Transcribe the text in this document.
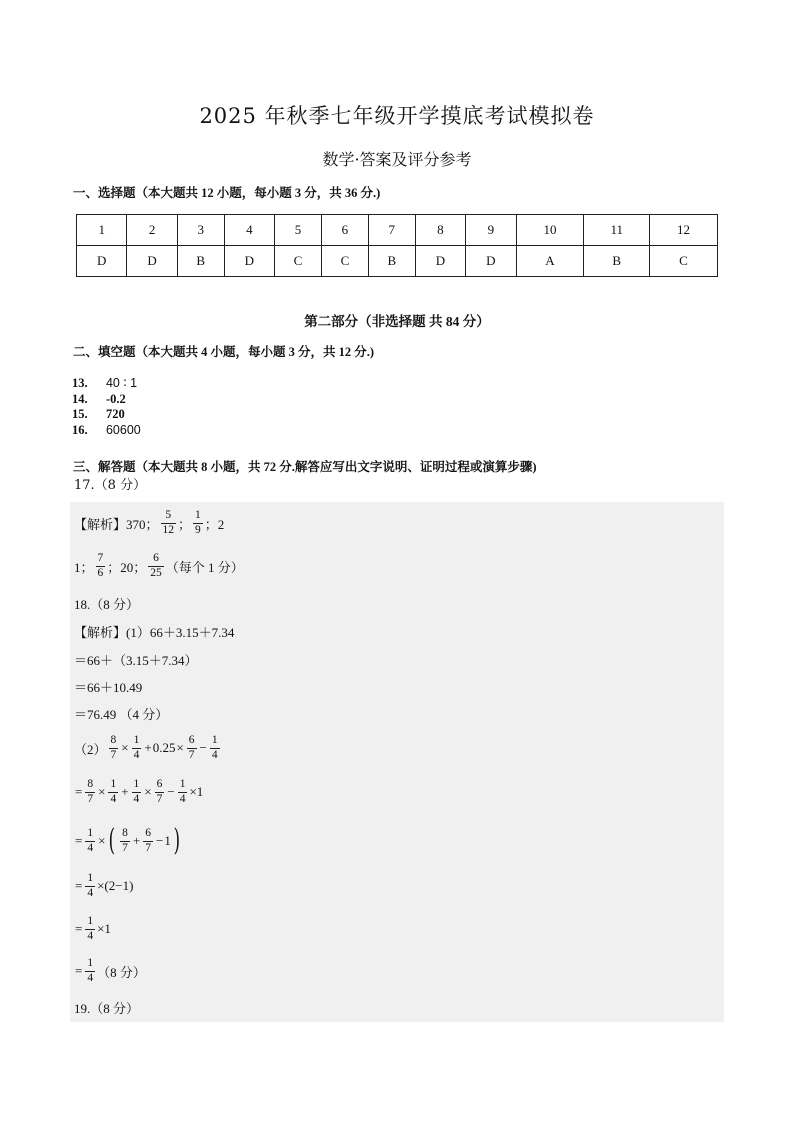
2025 年秋季七年级开学摸底考试模拟卷
数学·答案及评分参考
一、选择题（本大题共 12 小题，每小题 3 分，共 36 分.)
1	2	3	4	5	6	7	8	9	10	11	12
D	D	B	D	C	C	B	D	D	A	B	C
第二部分（非选择题 共 84 分）
二、填空题（本大题共 4 小题，每小题 3 分，共 12 分.)
13. 40 ∶ 1
14. -0.2
15. 720
16. 60600
三、解答题（本大题共 8 小题，共 72 分.解答应写出文字说明、证明过程或演算步骤)
17.（8 分）
【解析】370； $\frac{5}{12}$ ； $\frac{1}{9}$ ；2
1； $\frac{7}{6}$ ；20； $\frac{6}{25}$ （每个 1 分）
18.（8 分）
【解析】(1）66＋3.15＋7.34
＝66＋（3.15＋7.34）
＝66＋10.49
＝76.49 （4 分）
$(2) \frac{8}{7} \times \frac{1}{4} + 0.25 \times \frac{6}{7} - \frac{1}{4}$
= $\frac{8}{7} \times \frac{1}{4} + \frac{1}{4} \times \frac{6}{7} - \frac{1}{4} \times 1$
= $\frac{1}{4}$ × ( $\frac{8}{7} + \frac{6}{7} - 1$ )
= $\frac{1}{4} \times(2-1)$
= $\frac{1}{4} \times 1$
= $\frac{1}{4} (8$ 分）
19.（8 分）
